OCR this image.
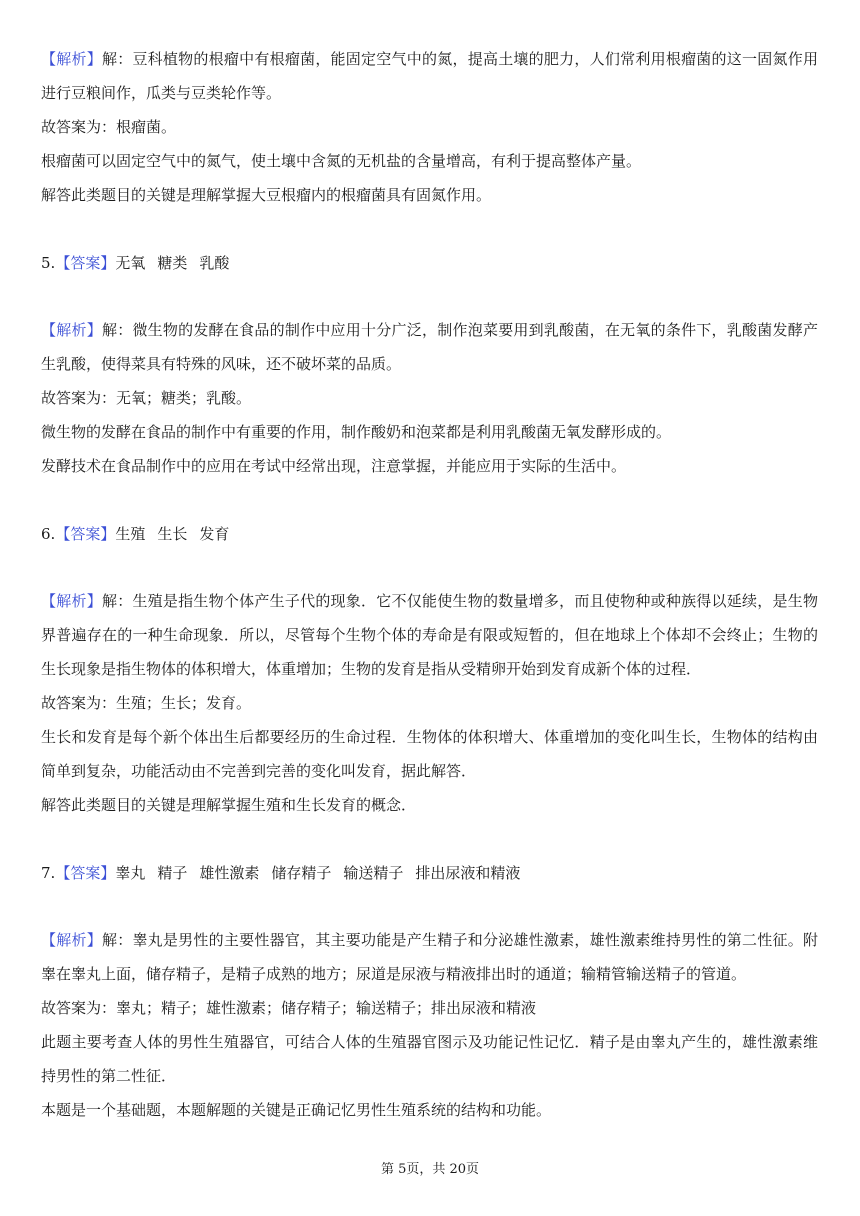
【解析】解：豆科植物的根瘤中有根瘤菌，能固定空气中的氮，提高土壤的肥力，人们常利用根瘤菌的这一固氮作用
进行豆粮间作，瓜类与豆类轮作等。
故答案为：根瘤菌。
根瘤菌可以固定空气中的氮气，使土壤中含氮的无机盐的含量增高，有利于提高整体产量。
解答此类题目的关键是理解掌握大豆根瘤内的根瘤菌具有固氮作用。
5.【答案】无氧 糖类 乳酸
【解析】解：微生物的发酵在食品的制作中应用十分广泛，制作泡菜要用到乳酸菌，在无氧的条件下，乳酸菌发酵产
生乳酸，使得菜具有特殊的风味，还不破坏菜的品质。
故答案为：无氧；糖类；乳酸。
微生物的发酵在食品的制作中有重要的作用，制作酸奶和泡菜都是利用乳酸菌无氧发酵形成的。
发酵技术在食品制作中的应用在考试中经常出现，注意掌握，并能应用于实际的生活中。
6.【答案】生殖 生长 发育
【解析】解：生殖是指生物个体产生子代的现象．它不仅能使生物的数量增多，而且使物种或种族得以延续，是生物
界普遍存在的一种生命现象．所以，尽管每个生物个体的寿命是有限或短暂的，但在地球上个体却不会终止；生物的
生长现象是指生物体的体积增大，体重增加；生物的发育是指从受精卵开始到发育成新个体的过程．
故答案为：生殖；生长；发育。
生长和发育是每个新个体出生后都要经历的生命过程．生物体的体积增大、体重增加的变化叫生长，生物体的结构由
简单到复杂，功能活动由不完善到完善的变化叫发育，据此解答．
解答此类题目的关键是理解掌握生殖和生长发育的概念．
7.【答案】睾丸 精子 雄性激素 储存精子 输送精子 排出尿液和精液
【解析】解：睾丸是男性的主要性器官，其主要功能是产生精子和分泌雄性激素，雄性激素维持男性的第二性征。附
睾在睾丸上面，储存精子，是精子成熟的地方；尿道是尿液与精液排出时的通道；输精管输送精子的管道。
故答案为：睾丸；精子；雄性激素；储存精子；输送精子；排出尿液和精液
此题主要考查人体的男性生殖器官，可结合人体的生殖器官图示及功能记性记忆．精子是由睾丸产生的，雄性激素维
持男性的第二性征．
本题是一个基础题，本题解题的关键是正确记忆男性生殖系统的结构和功能。
第 5页，共 20页
